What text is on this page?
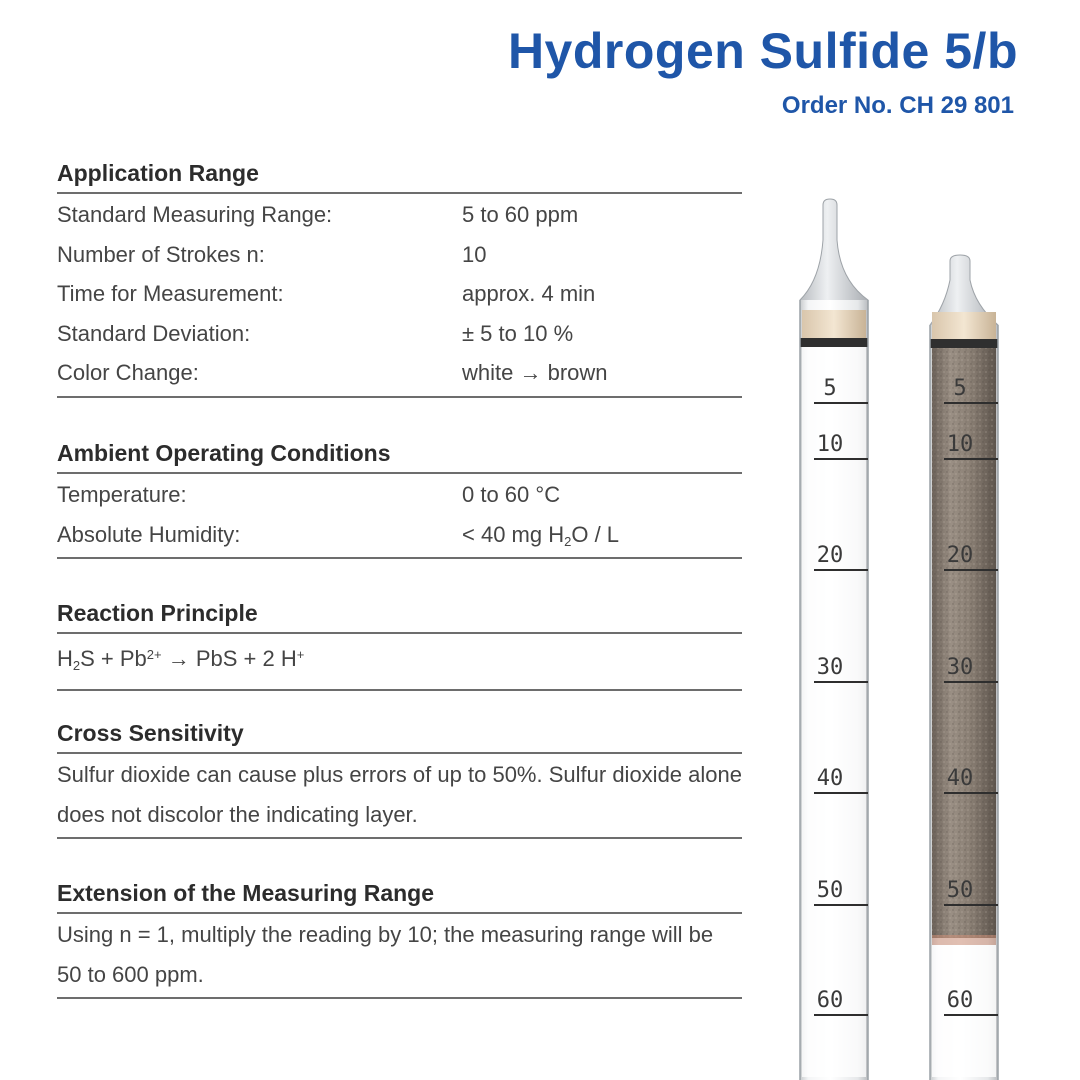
Hydrogen Sulfide 5/b
Order No. CH 29 801
Application Range
Standard Measuring Range:	5 to 60 ppm
Number of Strokes n:	10
Time for Measurement:	approx. 4 min
Standard Deviation:	± 5 to 10 %
Color Change:	white → brown
Ambient Operating Conditions
Temperature:	0 to 60 °C
Absolute Humidity:	< 40 mg $H_2O$ / L
Reaction Principle
$H_2S + Pb^{2+}$ → PbS + 2 H+
Cross Sensitivity
Sulfur dioxide can cause plus errors of up to 50%. Sulfur dioxide alone does not discolor the indicating layer.
Extension of the Measuring Range
Using n = 1, multiply the reading by 10; the measuring range will be 50 to 600 ppm.
5
10
20
30
40
50
60
5
10
20
30
40
50
60
